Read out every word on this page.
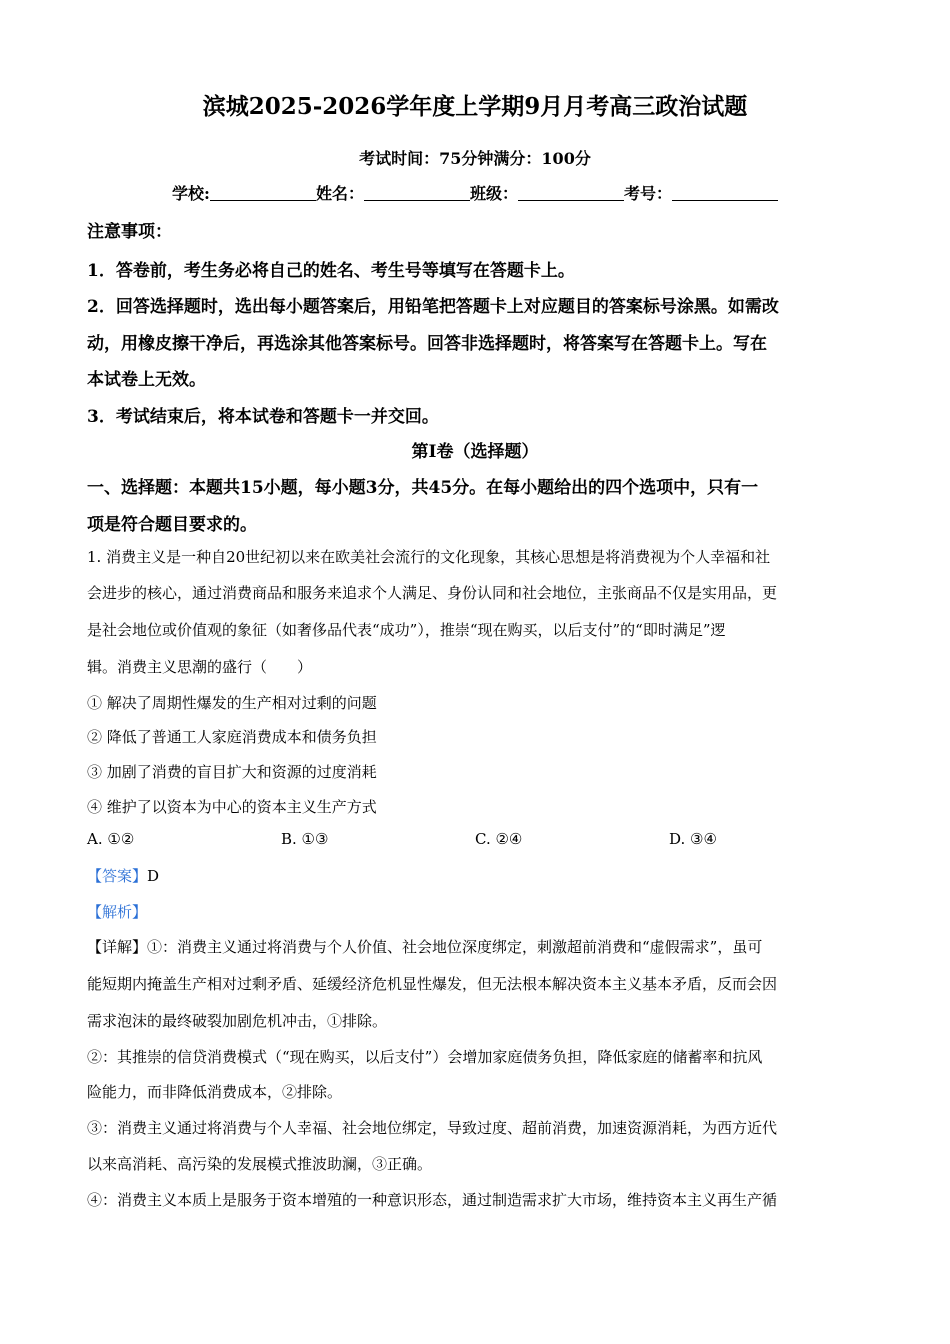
滨城2025-2026学年度上学期9月月考高三政治试题
考试时间：75分钟满分：100分
学校:	姓名：	班级：	考号：
注意事项：
1．答卷前，考生务必将自己的姓名、考生号等填写在答题卡上。
2．回答选择题时，选出每小题答案后，用铅笔把答题卡上对应题目的答案标号涂黑。如需改
动，用橡皮擦干净后，再选涂其他答案标号。回答非选择题时，将答案写在答题卡上。写在
本试卷上无效。
3．考试结束后，将本试卷和答题卡一并交回。
第Ⅰ卷（选择题）
一、选择题：本题共15小题，每小题3分，共45分。在每小题给出的四个选项中，只有一
项是符合题目要求的。
1. 消费主义是一种自20世纪初以来在欧美社会流行的文化现象，其核心思想是将消费视为个人幸福和社
会进步的核心，通过消费商品和服务来追求个人满足、身份认同和社会地位，主张商品不仅是实用品，更
是社会地位或价值观的象征（如奢侈品代表“成功”），推崇“现在购买，以后支付”的“即时满足”逻
辑。消费主义思潮的盛行（　　）
① 解决了周期性爆发的生产相对过剩的问题
② 降低了普通工人家庭消费成本和债务负担
③ 加剧了消费的盲目扩大和资源的过度消耗
④ 维护了以资本为中心的资本主义生产方式
A. ①②	B. ①③	C. ②④	D. ③④
【答案】D
【解析】
【详解】①：消费主义通过将消费与个人价值、社会地位深度绑定，刺激超前消费和“虚假需求”，虽可
能短期内掩盖生产相对过剩矛盾、延缓经济危机显性爆发，但无法根本解决资本主义基本矛盾，反而会因
需求泡沫的最终破裂加剧危机冲击，①排除。
②：其推崇的信贷消费模式（“现在购买，以后支付”）会增加家庭债务负担，降低家庭的储蓄率和抗风
险能力，而非降低消费成本，②排除。
③：消费主义通过将消费与个人幸福、社会地位绑定，导致过度、超前消费，加速资源消耗，为西方近代
以来高消耗、高污染的发展模式推波助澜，③正确。
④：消费主义本质上是服务于资本增殖的一种意识形态，通过制造需求扩大市场，维持资本主义再生产循
